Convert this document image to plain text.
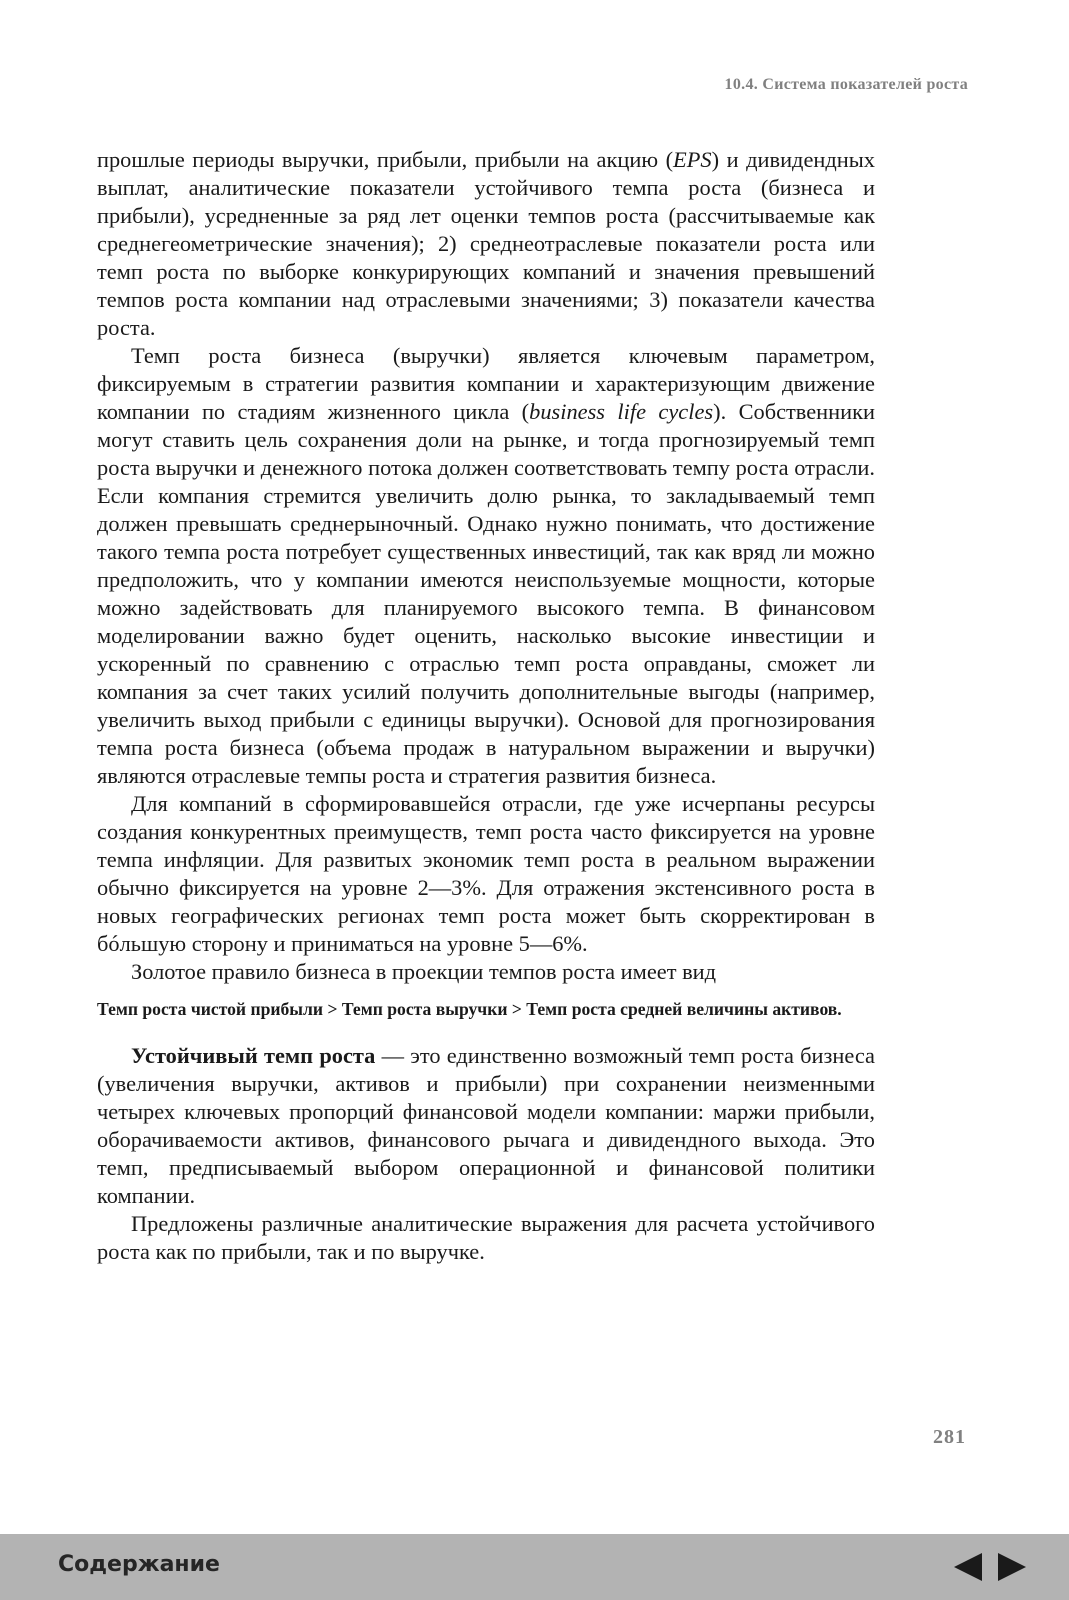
10.4. Система показателей роста

прошлые периоды выручки, прибыли, прибыли на акцию (EPS) и дивидендных выплат, аналитические показатели устойчивого темпа роста (бизнеса и прибыли), усредненные за ряд лет оценки темпов роста (рассчитываемые как среднегеометрические значения); 2) среднеотраслевые показатели роста или темп роста по выборке конкурирующих компаний и значения превышений темпов роста компании над отраслевыми значениями; 3) показатели качества роста.

Темп роста бизнеса (выручки) является ключевым параметром, фиксируемым в стратегии развития компании и характеризующим движение компании по стадиям жизненного цикла (business life cycles). Собственники могут ставить цель сохранения доли на рынке, и тогда прогнозируемый темп роста выручки и денежного потока должен соответствовать темпу роста отрасли. Если компания стремится увеличить долю рынка, то закладываемый темп должен превышать среднерыночный. Однако нужно понимать, что достижение такого темпа роста потребует существенных инвестиций, так как вряд ли можно предположить, что у компании имеются неиспользуемые мощности, которые можно задействовать для планируемого высокого темпа. В финансовом моделировании важно будет оценить, насколько высокие инвестиции и ускоренный по сравнению с отраслью темп роста оправданы, сможет ли компания за счет таких усилий получить дополнительные выгоды (например, увеличить выход прибыли с единицы выручки). Основой для прогнозирования темпа роста бизнеса (объема продаж в натуральном выражении и выручки) являются отраслевые темпы роста и стратегия развития бизнеса.

Для компаний в сформировавшейся отрасли, где уже исчерпаны ресурсы создания конкурентных преимуществ, темп роста часто фиксируется на уровне темпа инфляции. Для развитых экономик темп роста в реальном выражении обычно фиксируется на уровне 2—3%. Для отражения экстенсивного роста в новых географических регионах темп роста может быть скорректирован в бóльшую сторону и приниматься на уровне 5—6%.

Золотое правило бизнеса в проекции темпов роста имеет вид

Темп роста чистой прибыли > Темп роста выручки > Темп роста средней величины активов.

Устойчивый темп роста — это единственно возможный темп роста бизнеса (увеличения выручки, активов и прибыли) при сохранении неизменными четырех ключевых пропорций финансовой модели компании: маржи прибыли, оборачиваемости активов, финансового рычага и дивидендного выхода. Это темп, предписываемый выбором операционной и финансовой политики компании.

Предложены различные аналитические выражения для расчета устойчивого роста как по прибыли, так и по выручке.

281
Содержание
